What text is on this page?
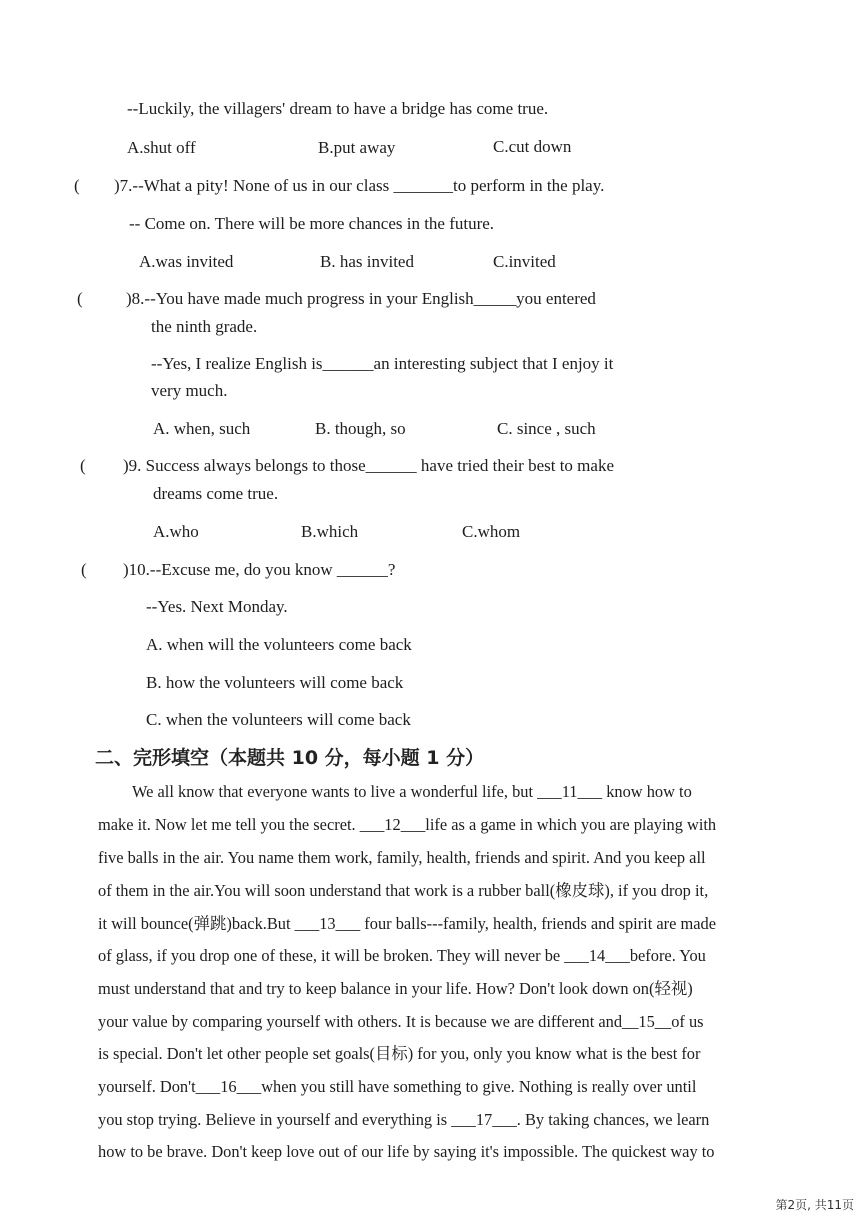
--Luckily, the villagers' dream to have a bridge has come true.
A.shut off	B.put away	C.cut down
( )7.--What a pity! None of us in our class _______to perform in the play.
-- Come on. There will be more chances in the future.
A.was invited	B. has invited	C.invited
(	)8.--You have made much progress in your English_____you entered
the ninth grade.
--Yes, I realize English is______an interesting subject that I enjoy it
very much.
A. when, such	B. though, so	C. since , such
( )9. Success always belongs to those______ have tried their best to make
dreams come true.
A.who	B.which	C.whom
( )10.--Excuse me, do you know ______?
--Yes. Next Monday.
A. when will the volunteers come back
B. how the volunteers will come back
C. when the volunteers will come back
二、完形填空（本题共 10 分，每小题 1 分）
We all know that everyone wants to live a wonderful life, but ___11___ know how to
make it. Now let me tell you the secret. ___12___life as a game in which you are playing with
five balls in the air. You name them work, family, health, friends and spirit. And you keep all
of them in the air.You will soon understand that work is a rubber ball(橡皮球), if you drop it,
it will bounce(弹跳)back.But ___13___ four balls---family, health, friends and spirit are made
of glass, if you drop one of these, it will be broken. They will never be ___14___before. You
must understand that and try to keep balance in your life. How? Don't look down on(轻视)
your value by comparing yourself with others. It is because we are different and__15__of us
is special. Don't let other people set goals(目标) for you, only you know what is the best for
yourself. Don't___16___when you still have something to give. Nothing is really over until
you stop trying. Believe in yourself and everything is ___17___. By taking chances, we learn
how to be brave. Don't keep love out of our life by saying it's impossible. The quickest way to
第2页, 共11页
